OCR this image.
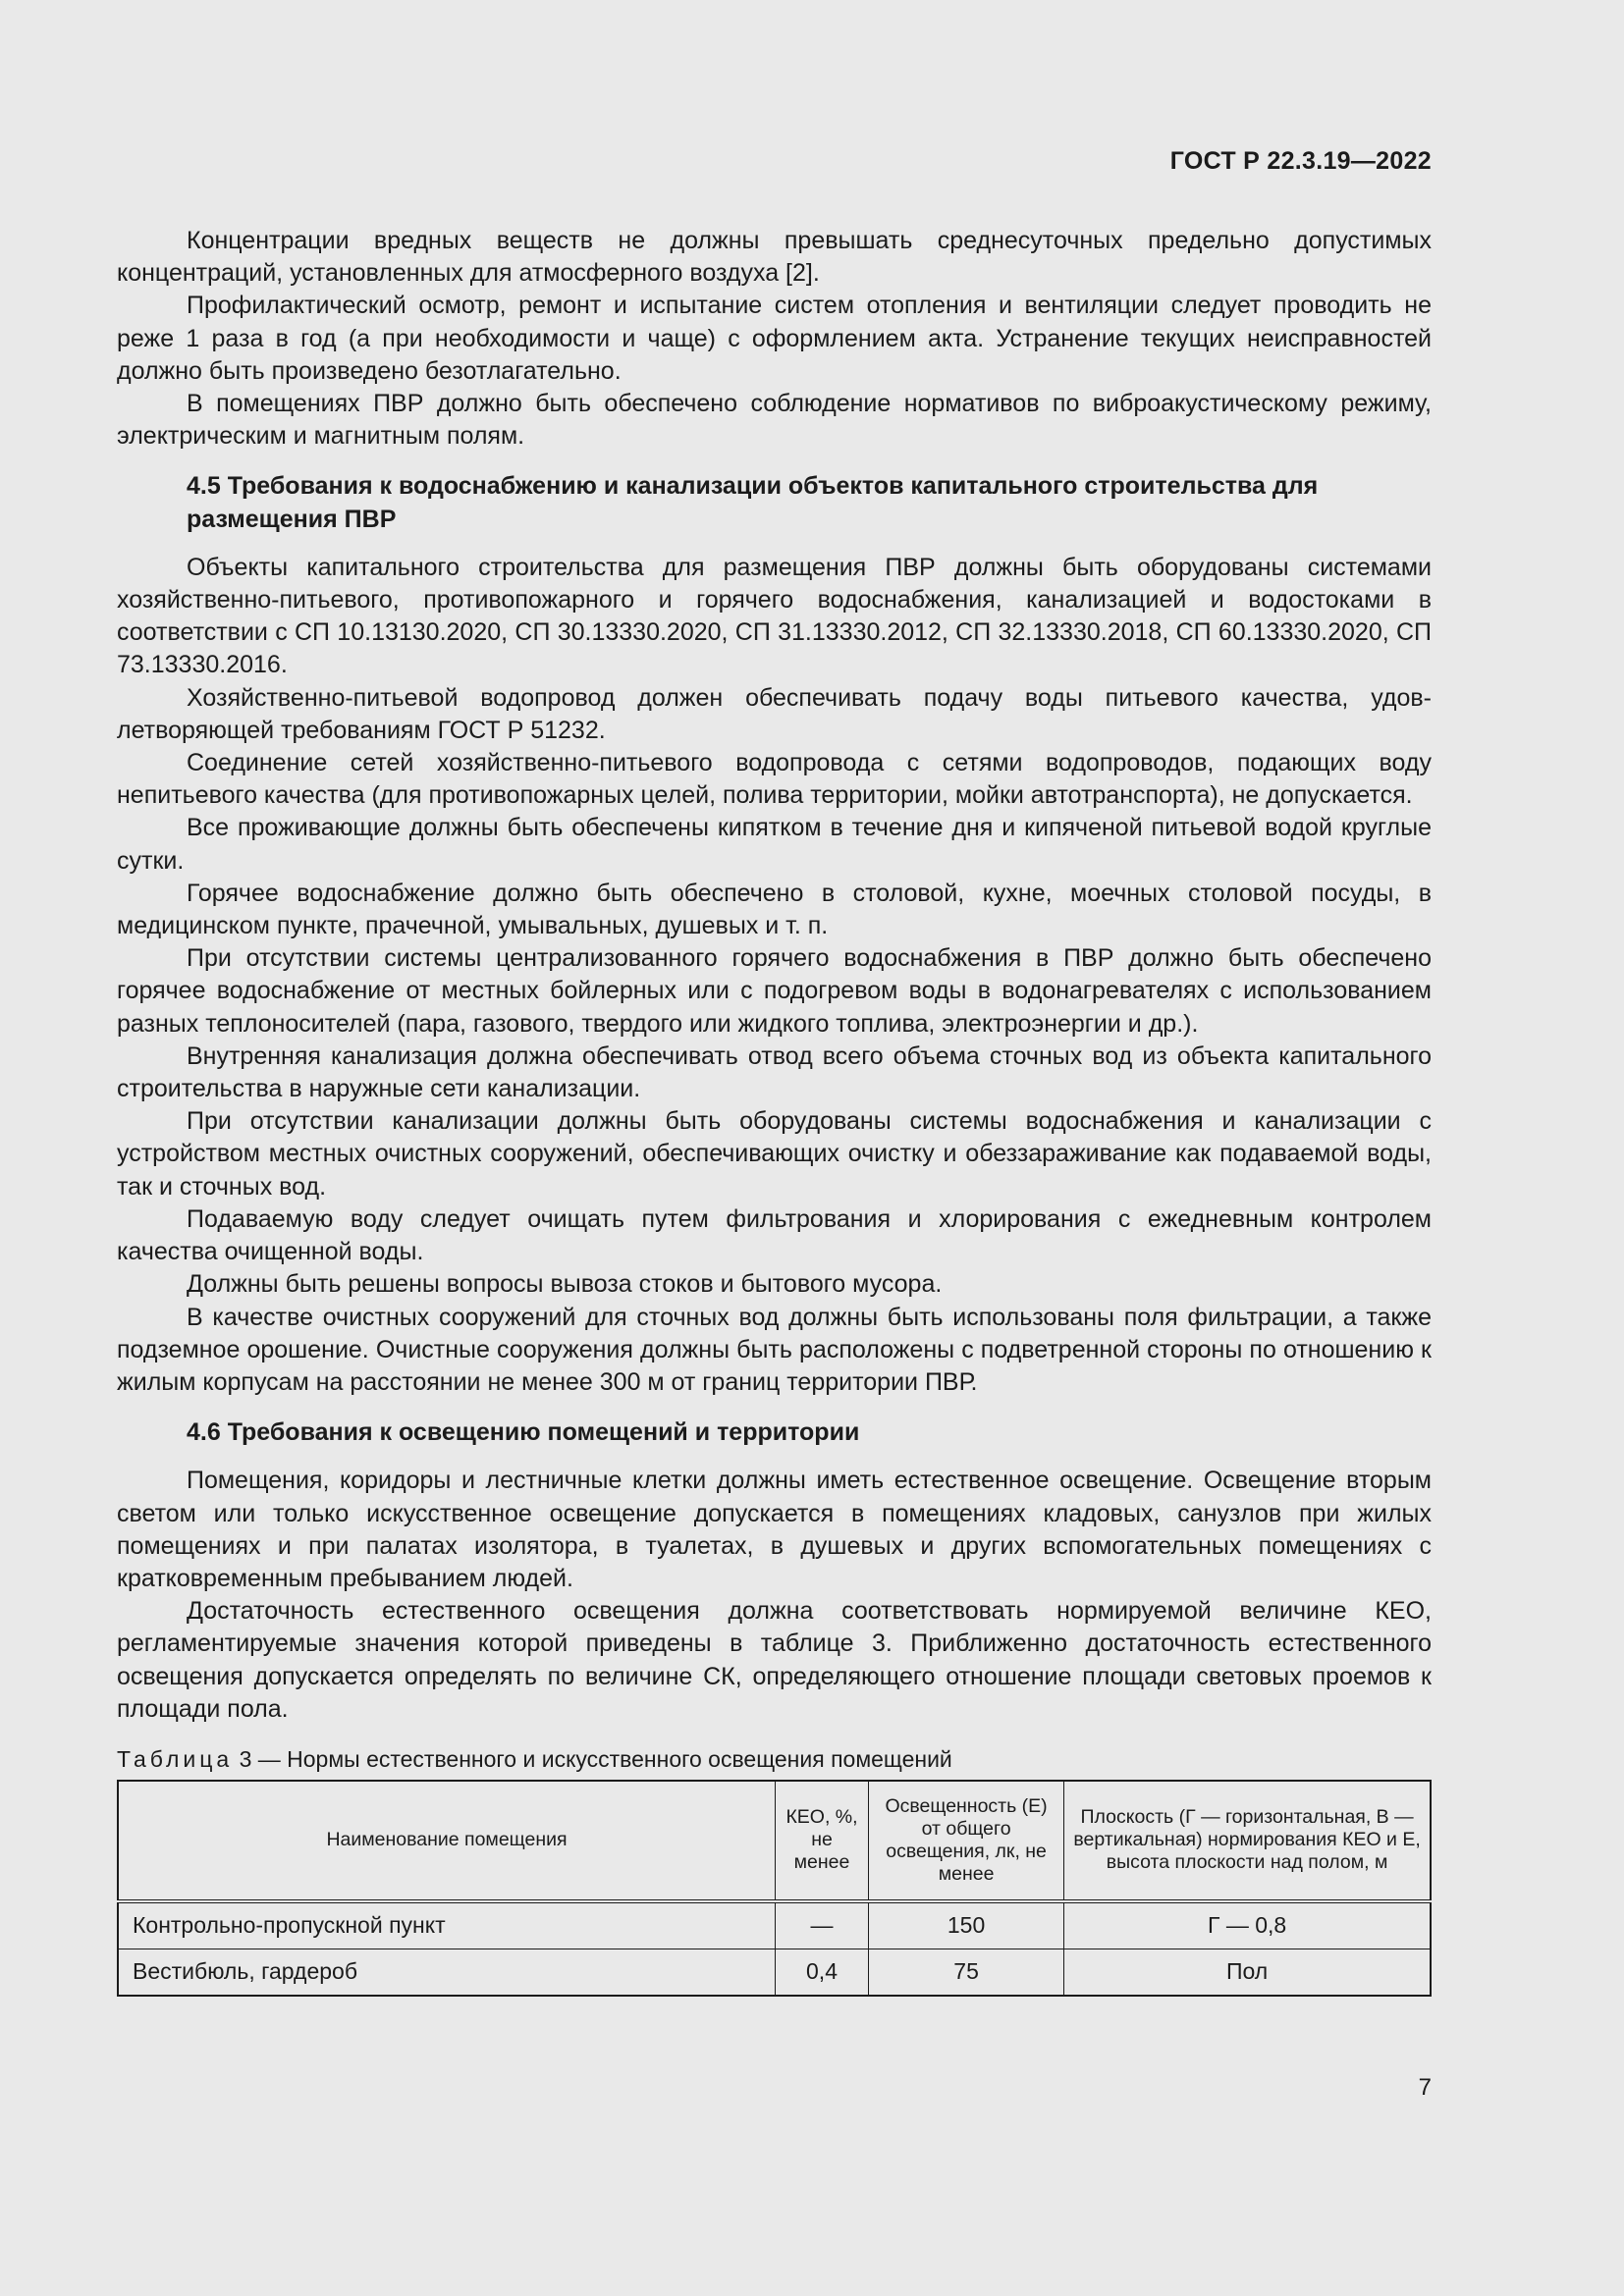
ГОСТ Р 22.3.19—2022

Концентрации вредных веществ не должны превышать среднесуточных предельно допустимых концентраций, установленных для атмосферного воздуха [2].

Профилактический осмотр, ремонт и испытание систем отопления и вентиляции следует проводить не реже 1 раза в год (а при необходимости и чаще) с оформлением акта. Устранение текущих неисправностей должно быть произведено безотлагательно.

В помещениях ПВР должно быть обеспечено соблюдение нормативов по виброакустическому режиму, электрическим и магнитным полям.

4.5 Требования к водоснабжению и канализации объектов капитального строительства для размещения ПВР

Объекты капитального строительства для размещения ПВР должны быть оборудованы системами хозяйственно-питьевого, противопожарного и горячего водоснабжения, канализацией и водостоками в соответствии с СП 10.13130.2020, СП 30.13330.2020, СП 31.13330.2012, СП 32.13330.2018, СП 60.13330.2020, СП 73.13330.2016.

Хозяйственно-питьевой водопровод должен обеспечивать подачу воды питьевого качества, удовлетворяющей требованиям ГОСТ Р 51232.

Соединение сетей хозяйственно-питьевого водопровода с сетями водопроводов, подающих воду непитьевого качества (для противопожарных целей, полива территории, мойки автотранспорта), не допускается.

Все проживающие должны быть обеспечены кипятком в течение дня и кипяченой питьевой водой круглые сутки.

Горячее водоснабжение должно быть обеспечено в столовой, кухне, моечных столовой посуды, в медицинском пункте, прачечной, умывальных, душевых и т. п.

При отсутствии системы централизованного горячего водоснабжения в ПВР должно быть обеспечено горячее водоснабжение от местных бойлерных или с подогревом воды в водонагревателях с использованием разных теплоносителей (пара, газового, твердого или жидкого топлива, электроэнергии и др.).

Внутренняя канализация должна обеспечивать отвод всего объема сточных вод из объекта капитального строительства в наружные сети канализации.

При отсутствии канализации должны быть оборудованы системы водоснабжения и канализации с устройством местных очистных сооружений, обеспечивающих очистку и обеззараживание как подаваемой воды, так и сточных вод.

Подаваемую воду следует очищать путем фильтрования и хлорирования с ежедневным контролем качества очищенной воды.

Должны быть решены вопросы вывоза стоков и бытового мусора.

В качестве очистных сооружений для сточных вод должны быть использованы поля фильтрации, а также подземное орошение. Очистные сооружения должны быть расположены с подветренной стороны по отношению к жилым корпусам на расстоянии не менее 300 м от границ территории ПВР.

4.6 Требования к освещению помещений и территории

Помещения, коридоры и лестничные клетки должны иметь естественное освещение. Освещение вторым светом или только искусственное освещение допускается в помещениях кладовых, санузлов при жилых помещениях и при палатах изолятора, в туалетах, в душевых и других вспомогательных помещениях с кратковременным пребыванием людей.

Достаточность естественного освещения должна соответствовать нормируемой величине КЕО, регламентируемые значения которой приведены в таблице 3. Приближенно достаточность естественного освещения допускается определять по величине СК, определяющего отношение площади световых проемов к площади пола.

Таблица 3 — Нормы естественного и искусственного освещения помещений
Наименование помещения	КЕО, %, не менее	Освещенность (Е) от общего освещения, лк, не менее	Плоскость (Г — горизонтальная, В — вертикальная) нормирования КЕО и Е, высота плоскости над полом, м
Контрольно-пропускной пункт	—	150	Г — 0,8
Вестибюль, гардероб	0,4	75	Пол
7
